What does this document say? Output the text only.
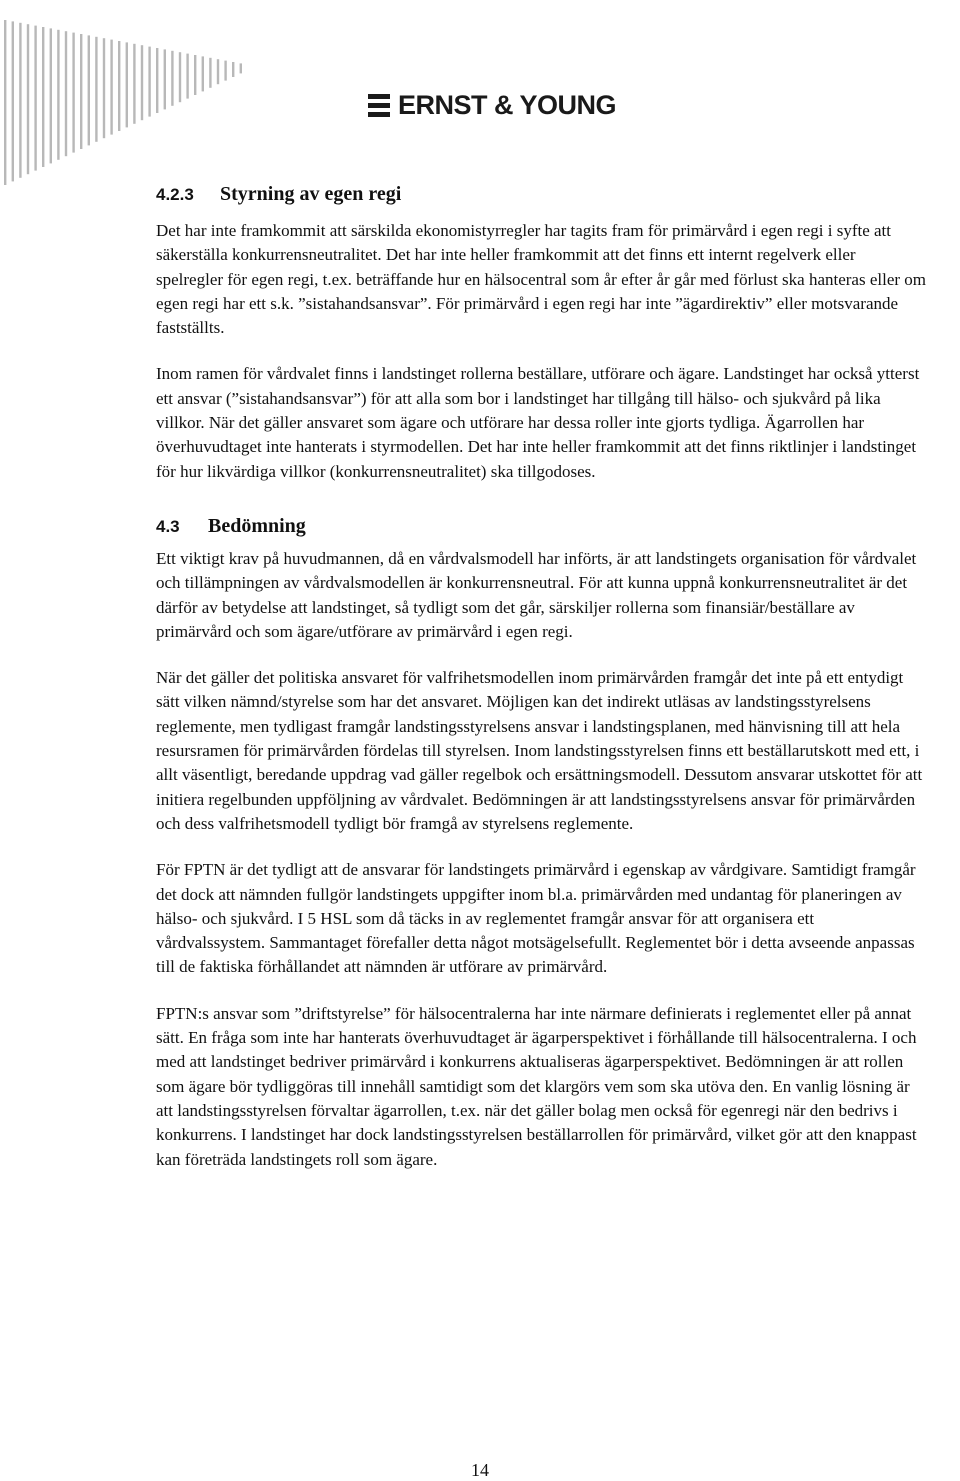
ERNST & YOUNG
4.2.3 Styrning av egen regi

Det har inte framkommit att särskilda ekonomistyrregler har tagits fram för primärvård i egen regi i syfte att säkerställa konkurrensneutralitet. Det har inte heller framkommit att det finns ett internt regelverk eller spelregler för egen regi, t.ex. beträffande hur en hälsocentral som år efter år går med förlust ska hanteras eller om egen regi har ett s.k. ”sistahandsansvar”. För primärvård i egen regi har inte ”ägardirektiv” eller motsvarande fastställts.

Inom ramen för vårdvalet finns i landstinget rollerna beställare, utförare och ägare. Landstinget har också ytterst ett ansvar (”sistahandsansvar”) för att alla som bor i landstinget har tillgång till hälso- och sjukvård på lika villkor. När det gäller ansvaret som ägare och utförare har dessa roller inte gjorts tydliga. Ägarrollen har överhuvudtaget inte hanterats i styrmodellen. Det har inte heller framkommit att det finns riktlinjer i landstinget för hur likvärdiga villkor (konkurrensneutralitet) ska tillgodoses.

4.3 Bedömning

Ett viktigt krav på huvudmannen, då en vårdvalsmodell har införts, är att landstingets organisation för vårdvalet och tillämpningen av vårdvalsmodellen är konkurrensneutral. För att kunna uppnå konkurrensneutralitet är det därför av betydelse att landstinget, så tydligt som det går, särskiljer rollerna som finansiär/beställare av primärvård och som ägare/utförare av primärvård i egen regi.

När det gäller det politiska ansvaret för valfrihetsmodellen inom primärvården framgår det inte på ett entydigt sätt vilken nämnd/styrelse som har det ansvaret. Möjligen kan det indirekt utläsas av landstingsstyrelsens reglemente, men tydligast framgår landstingsstyrelsens ansvar i landstingsplanen, med hänvisning till att hela resursramen för primärvården fördelas till styrelsen. Inom landstingsstyrelsen finns ett beställarutskott med ett, i allt väsentligt, beredande uppdrag vad gäller regelbok och ersättningsmodell. Dessutom ansvarar utskottet för att initiera regelbunden uppföljning av vårdvalet. Bedömningen är att landstingsstyrelsens ansvar för primärvården och dess valfrihetsmodell tydligt bör framgå av styrelsens reglemente.

För FPTN är det tydligt att de ansvarar för landstingets primärvård i egenskap av vårdgivare. Samtidigt framgår det dock att nämnden fullgör landstingets uppgifter inom bl.a. primärvården med undantag för planeringen av hälso- och sjukvård. I 5 HSL som då täcks in av reglementet framgår ansvar för att organisera ett vårdvalssystem. Sammantaget förefaller detta något motsägelsefullt. Reglementet bör i detta avseende anpassas till de faktiska förhållandet att nämnden är utförare av primärvård.

FPTN:s ansvar som ”driftstyrelse” för hälsocentralerna har inte närmare definierats i reglementet eller på annat sätt. En fråga som inte har hanterats överhuvudtaget är ägarperspektivet i förhållande till hälsocentralerna. I och med att landstinget bedriver primärvård i konkurrens aktualiseras ägarperspektivet. Bedömningen är att rollen som ägare bör tydliggöras till innehåll samtidigt som det klargörs vem som ska utöva den. En vanlig lösning är att landstingsstyrelsen förvaltar ägarrollen, t.ex. när det gäller bolag men också för egenregi när den bedrivs i konkurrens. I landstinget har dock landstingsstyrelsen beställarrollen för primärvård, vilket gör att den knappast kan företräda landstingets roll som ägare.

14
